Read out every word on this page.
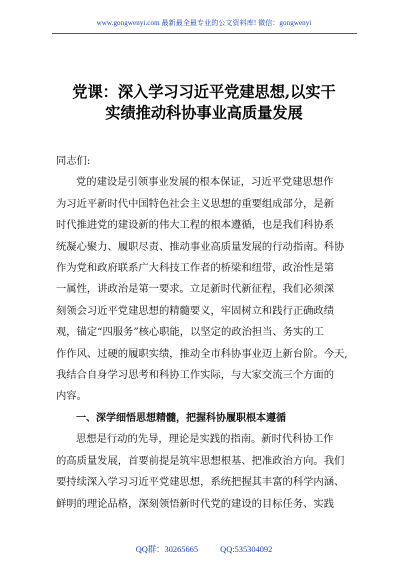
www.gongwenyi.com 最新最全最专业的公文资料库! 微信：gongwenyi
党课：深入学习习近平党建思想,以实干
实绩推动科协事业高质量发展

同志们:

党的建设是引领事业发展的根本保证，习近平党建思想作

为习近平新时代中国特色社会主义思想的重要组成部分，是新

时代推进党的建设新的伟大工程的根本遵循，也是我们科协系

统凝心聚力、履职尽责、推动事业高质量发展的行动指南。科协

作为党和政府联系广大科技工作者的桥梁和纽带，政治性是第

一属性，讲政治是第一要求。立足新时代新征程，我们必须深

刻领会习近平党建思想的精髓要义，牢固树立和践行正确政绩

观，锚定“四服务”核心职能，以坚定的政治担当、务实的工

作作风、过硬的履职实绩，推动全市科协事业迈上新台阶。今天,

我结合自身学习思考和科协工作实际，与大家交流三个方面的

内容。

一、深学细悟思想精髓，把握科协履职根本遵循

思想是行动的先导，理论是实践的指南。新时代科协工作

的高质量发展，首要前提是筑牢思想根基、把准政治方向。我们

要持续深入学习习近平党建思想，系统把握其丰富的科学内涵、

鲜明的理论品格，深刻领悟新时代党的建设的目标任务、实践

QQ群：30265665	QQ:535304092
